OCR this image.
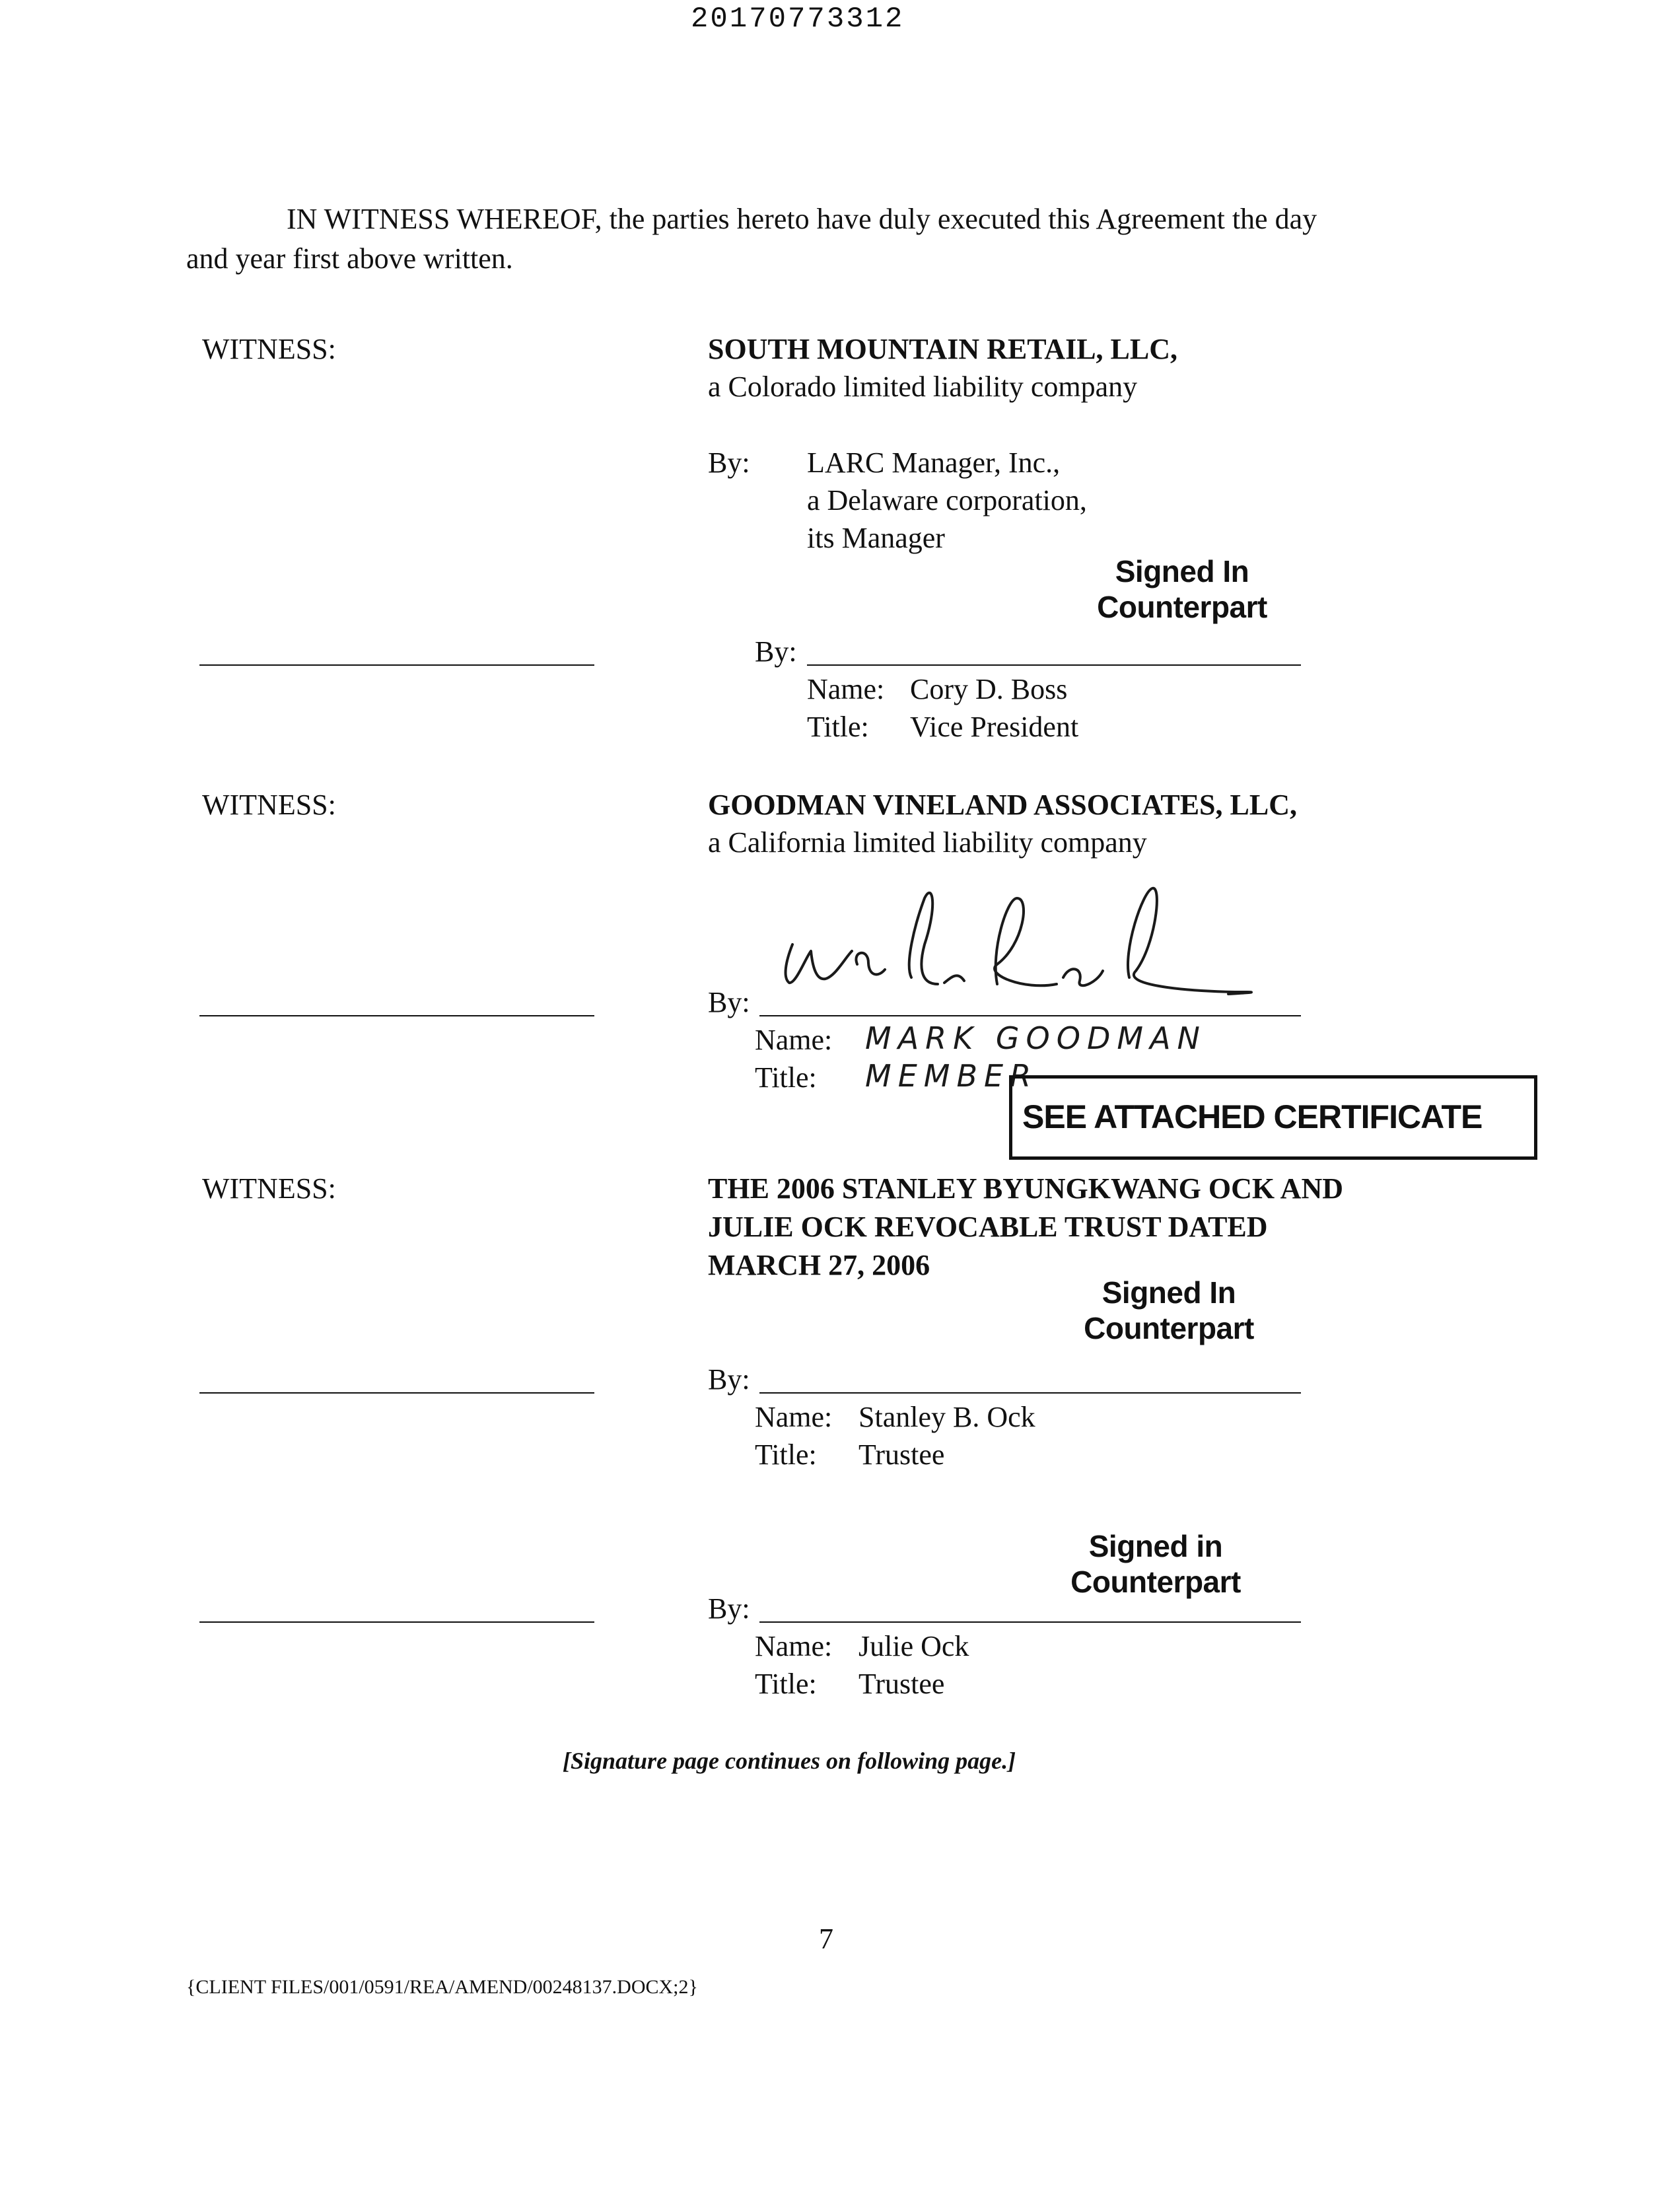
20170773312
IN WITNESS WHEREOF, the parties hereto have duly executed this Agreement the day
and year first above written.
WITNESS:	SOUTH MOUNTAIN RETAIL, LLC,
a Colorado limited liability company
By: LARC Manager, Inc.,
a Delaware corporation,
its Manager
Signed In
Counterpart
By:
Name: Cory D. Boss
Title: Vice President
WITNESS:	GOODMAN VINELAND ASSOCIATES, LLC,
a California limited liability company
By:
Name: MARK GOODMAN
Title: MEMBER
SEE ATTACHED CERTIFICATE
WITNESS:	THE 2006 STANLEY BYUNGKWANG OCK AND
JULIE OCK REVOCABLE TRUST DATED
MARCH 27, 2006
Signed In
Counterpart
By:
Name: Stanley B. Ock
Title: Trustee
Signed in
Counterpart
By:
Name: Julie Ock
Title: Trustee
[Signature page continues on following page.]
7
{CLIENT FILES/001/0591/REA/AMEND/00248137.DOCX;2}
